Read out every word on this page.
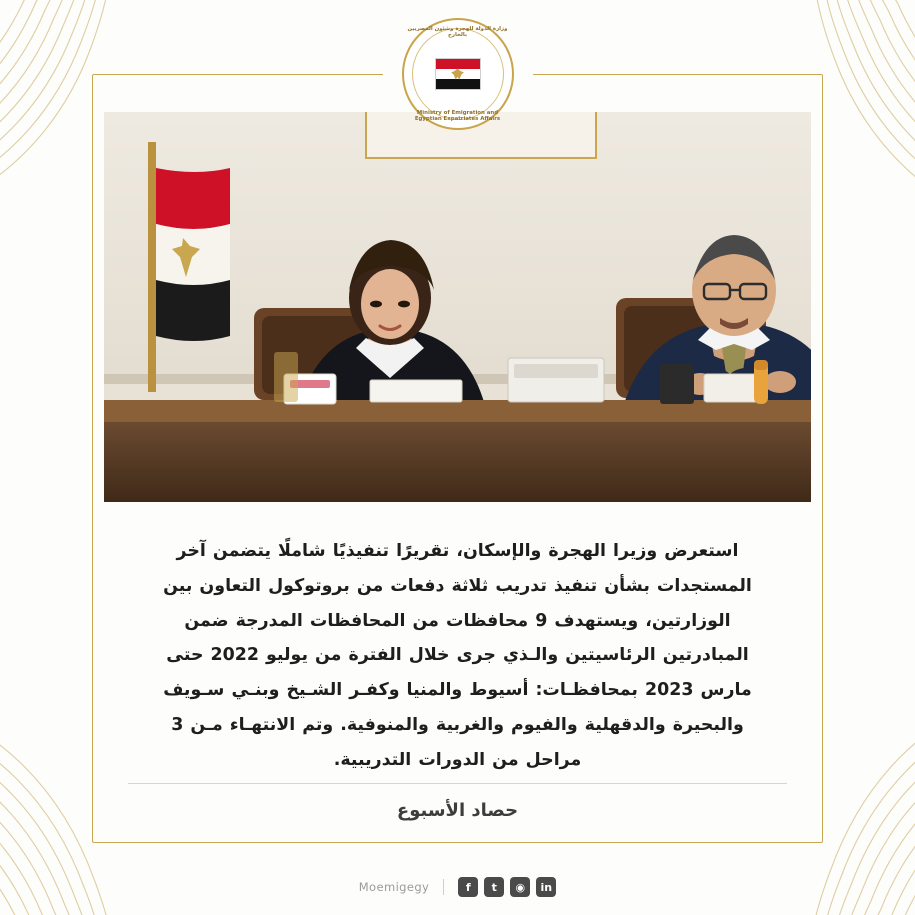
وزارة الدولة للهجرة وشئون المصريين بالخارج
Ministry of Emigration and Egyptian Expatriates Affairs

استعرض وزيرا الهجرة والإسكان، تقريرًا تنفيذيًا شاملًا يتضمن آخر المستجدات بشأن تنفيذ تدريب ثلاثة دفعات من بروتوكول التعاون بين الوزارتين، ويستهدف 9 محافظات من المحافظات المدرجة ضمن المبادرتين الرئاسيتين والـذي جرى خلال الفترة من يوليو 2022 حتى مارس 2023 بمحافظـات: أسيوط والمنيا وكفـر الشـيخ وبنـي سـويف والبحيرة والدقهلية والفيوم والغربية والمنوفية. وتم الانتهـاء مـن 3 مراحل من الدورات التدريبية.

حصاد الأسبوع
Moemigegy	f	t	◉	in
